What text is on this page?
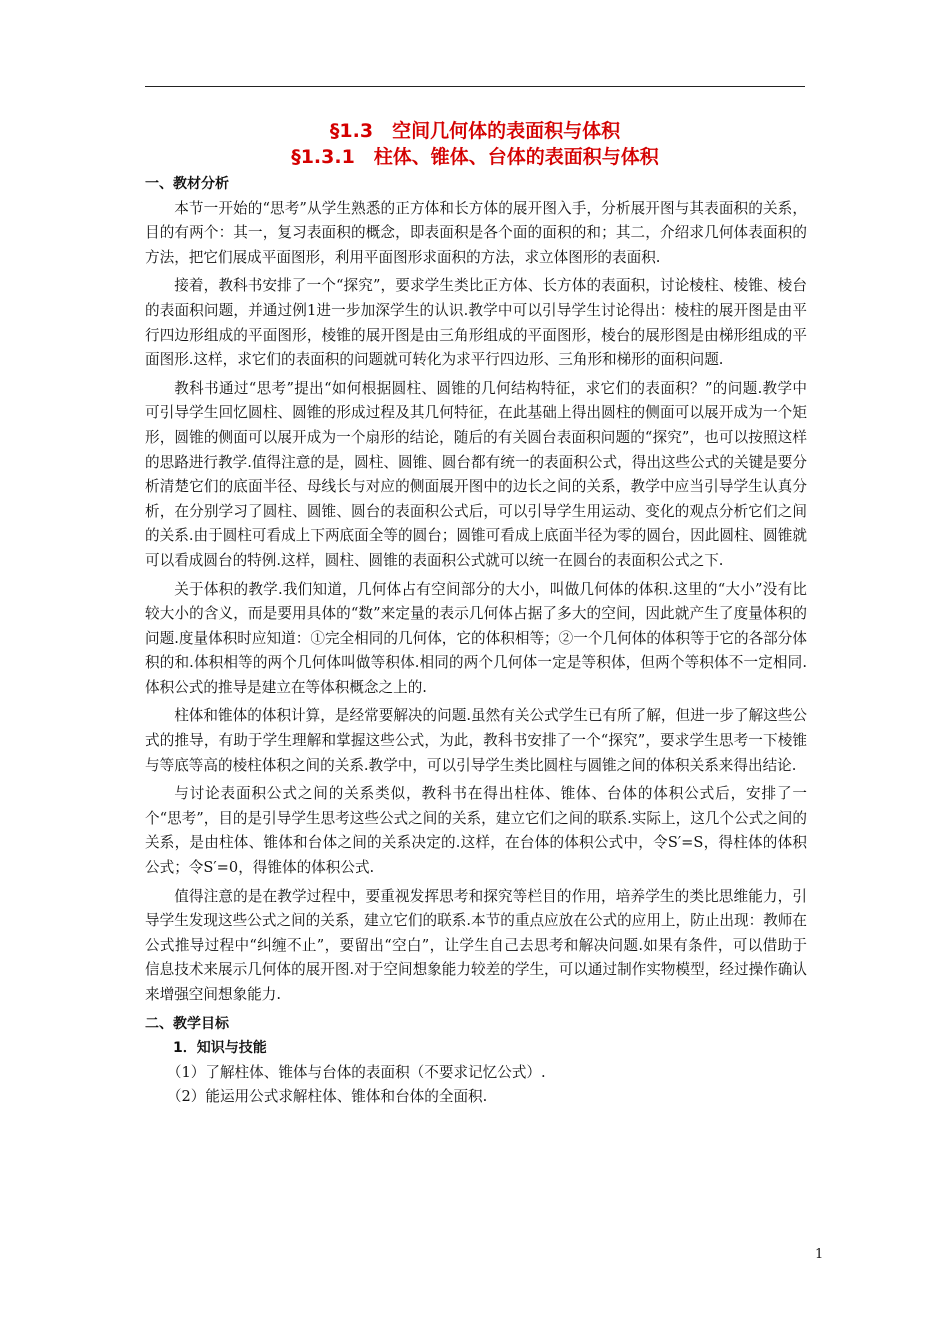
§1.3　空间几何体的表面积与体积

§1.3.1　柱体、锥体、台体的表面积与体积

一、教材分析

本节一开始的“思考”从学生熟悉的正方体和长方体的展开图入手，分析展开图与其表面积的关系，目的有两个：其一，复习表面积的概念，即表面积是各个面的面积的和；其二，介绍求几何体表面积的方法，把它们展成平面图形，利用平面图形求面积的方法，求立体图形的表面积.

接着，教科书安排了一个“探究”，要求学生类比正方体、长方体的表面积，讨论棱柱、棱锥、棱台的表面积问题，并通过例1进一步加深学生的认识.教学中可以引导学生讨论得出：棱柱的展开图是由平行四边形组成的平面图形，棱锥的展开图是由三角形组成的平面图形，棱台的展形图是由梯形组成的平面图形.这样，求它们的表面积的问题就可转化为求平行四边形、三角形和梯形的面积问题.

教科书通过“思考”提出“如何根据圆柱、圆锥的几何结构特征，求它们的表面积？”的问题.教学中可引导学生回忆圆柱、圆锥的形成过程及其几何特征，在此基础上得出圆柱的侧面可以展开成为一个矩形，圆锥的侧面可以展开成为一个扇形的结论，随后的有关圆台表面积问题的“探究”，也可以按照这样的思路进行教学.值得注意的是，圆柱、圆锥、圆台都有统一的表面积公式，得出这些公式的关键是要分析清楚它们的底面半径、母线长与对应的侧面展开图中的边长之间的关系，教学中应当引导学生认真分析，在分别学习了圆柱、圆锥、圆台的表面积公式后，可以引导学生用运动、变化的观点分析它们之间的关系.由于圆柱可看成上下两底面全等的圆台；圆锥可看成上底面半径为零的圆台，因此圆柱、圆锥就可以看成圆台的特例.这样，圆柱、圆锥的表面积公式就可以统一在圆台的表面积公式之下.

关于体积的教学.我们知道，几何体占有空间部分的大小，叫做几何体的体积.这里的“大小”没有比较大小的含义，而是要用具体的“数”来定量的表示几何体占据了多大的空间，因此就产生了度量体积的问题.度量体积时应知道：①完全相同的几何体，它的体积相等；②一个几何体的体积等于它的各部分体积的和.体积相等的两个几何体叫做等积体.相同的两个几何体一定是等积体，但两个等积体不一定相同.体积公式的推导是建立在等体积概念之上的.

柱体和锥体的体积计算，是经常要解决的问题.虽然有关公式学生已有所了解，但进一步了解这些公式的推导，有助于学生理解和掌握这些公式，为此，教科书安排了一个“探究”，要求学生思考一下棱锥与等底等高的棱柱体积之间的关系.教学中，可以引导学生类比圆柱与圆锥之间的体积关系来得出结论.

与讨论表面积公式之间的关系类似，教科书在得出柱体、锥体、台体的体积公式后，安排了一个“思考”，目的是引导学生思考这些公式之间的关系，建立它们之间的联系.实际上，这几个公式之间的关系，是由柱体、锥体和台体之间的关系决定的.这样，在台体的体积公式中，令S′=S，得柱体的体积公式；令S′=0，得锥体的体积公式.

值得注意的是在教学过程中，要重视发挥思考和探究等栏目的作用，培养学生的类比思维能力，引导学生发现这些公式之间的关系，建立它们的联系.本节的重点应放在公式的应用上，防止出现：教师在公式推导过程中“纠缠不止”，要留出“空白”，让学生自己去思考和解决问题.如果有条件，可以借助于信息技术来展示几何体的展开图.对于空间想象能力较差的学生，可以通过制作实物模型，经过操作确认来增强空间想象能力.

二、教学目标

1．知识与技能

（1）了解柱体、锥体与台体的表面积（不要求记忆公式）.

（2）能运用公式求解柱体、锥体和台体的全面积.

1
